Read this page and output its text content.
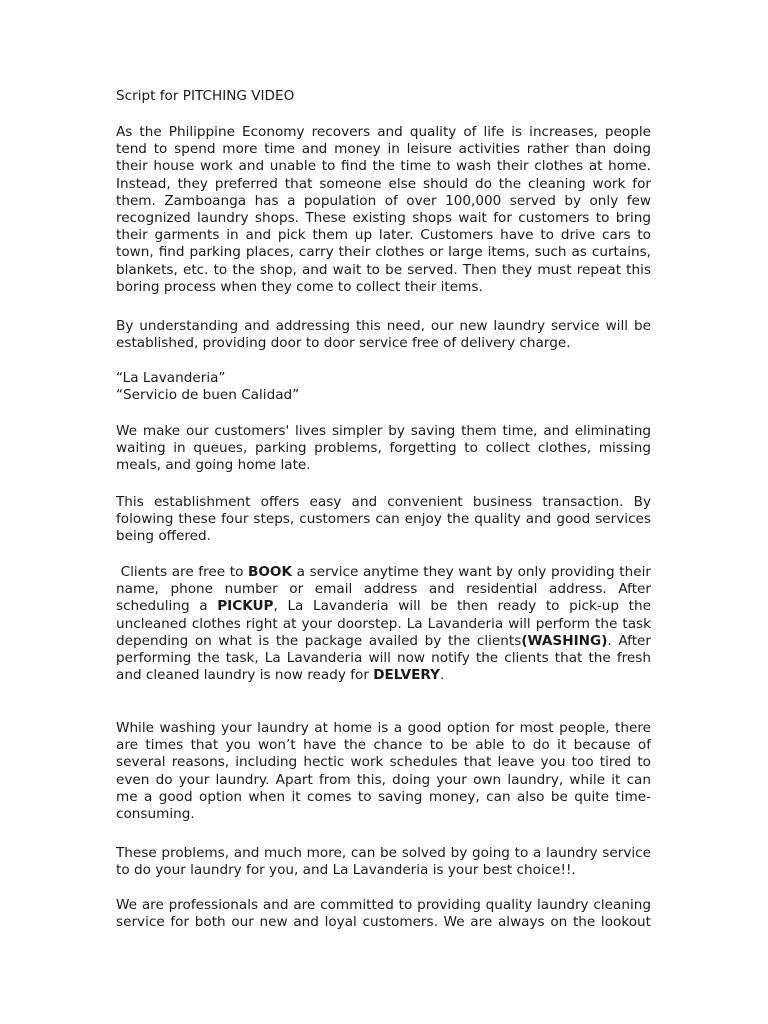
Script for PITCHING VIDEO

As the Philippine Economy recovers and quality of life is increases, people
tend to spend more time and money in leisure activities rather than doing
their house work and unable to find the time to wash their clothes at home.
Instead, they preferred that someone else should do the cleaning work for
them. Zamboanga has a population of over 100,000 served by only few
recognized laundry shops. These existing shops wait for customers to bring
their garments in and pick them up later. Customers have to drive cars to
town, find parking places, carry their clothes or large items, such as curtains,
blankets, etc. to the shop, and wait to be served. Then they must repeat this
boring process when they come to collect their items.
By understanding and addressing this need, our new laundry service will be
established, providing door to door service free of delivery charge.
“La Lavanderia”
“Servicio de buen Calidad”
We make our customers' lives simpler by saving them time, and eliminating
waiting in queues, parking problems, forgetting to collect clothes, missing
meals, and going home late.
This establishment offers easy and convenient business transaction. By
folowing these four steps, customers can enjoy the quality and good services
being offered.
Clients are free to BOOK a service anytime they want by only providing their
name, phone number or email address and residential address. After
scheduling a PICKUP, La Lavanderia will be then ready to pick-up the
uncleaned clothes right at your doorstep. La Lavanderia will perform the task
depending on what is the package availed by the clients(WASHING). After
performing the task, La Lavanderia will now notify the clients that the fresh
and cleaned laundry is now ready for DELVERY.
While washing your laundry at home is a good option for most people, there
are times that you won’t have the chance to be able to do it because of
several reasons, including hectic work schedules that leave you too tired to
even do your laundry. Apart from this, doing your own laundry, while it can
me a good option when it comes to saving money, can also be quite time-
consuming.
These problems, and much more, can be solved by going to a laundry service
to do your laundry for you, and La Lavanderia is your best choice!!.
We are professionals and are committed to providing quality laundry cleaning
service for both our new and loyal customers. We are always on the lookout
